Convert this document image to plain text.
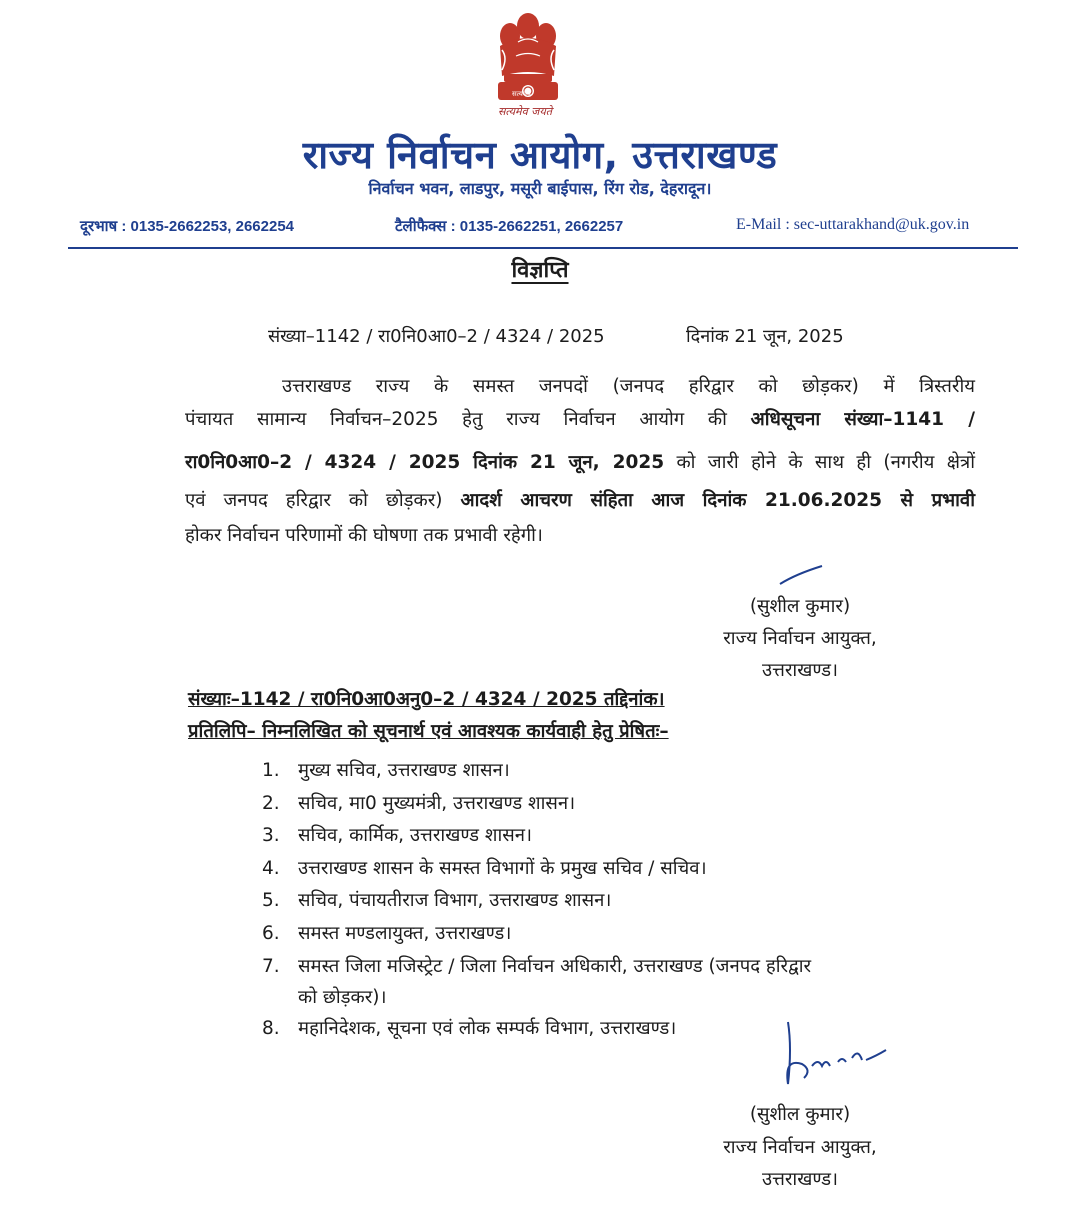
सत्यमेव
सत्यमेव जयते
राज्य निर्वाचन आयोग, उत्तराखण्ड
निर्वाचन भवन, लाडपुर, मसूरी बाईपास, रिंग रोड, देहरादून।
दूरभाष : 0135-2662253, 2662254	टैलीफैक्स : 0135-2662251, 2662257	E-Mail : sec-uttarakhand@uk.gov.in
विज्ञप्ति
संख्या–1142 / रा0नि0आ0–2 / 4324 / 2025	दिनांक 21 जून, 2025
उत्तराखण्ड राज्य के समस्त जनपदों (जनपद हरिद्वार को छोड़कर) में त्रिस्तरीय
पंचायत सामान्य निर्वाचन–2025 हेतु राज्य निर्वाचन आयोग की अधिसूचना संख्या–1141 /
रा0नि0आ0–2 / 4324 / 2025 दिनांक 21 जून, 2025 को जारी होने के साथ ही (नगरीय क्षेत्रों
एवं जनपद हरिद्वार को छोड़कर) आदर्श आचरण संहिता आज दिनांक 21.06.2025 से प्रभावी
होकर निर्वाचन परिणामों की घोषणा तक प्रभावी रहेगी।
(सुशील कुमार)
राज्य निर्वाचन आयुक्त,
उत्तराखण्ड।
संख्याः–1142 / रा0नि0आ0अनु0–2 / 4324 / 2025 तद्दिनांक।
प्रतिलिपि– निम्नलिखित को सूचनार्थ एवं आवश्यक कार्यवाही हेतु प्रेषितः–
1. मुख्य सचिव, उत्तराखण्ड शासन।
2. सचिव, मा0 मुख्यमंत्री, उत्तराखण्ड शासन।
3. सचिव, कार्मिक, उत्तराखण्ड शासन।
4. उत्तराखण्ड शासन के समस्त विभागों के प्रमुख सचिव / सचिव।
5. सचिव, पंचायतीराज विभाग, उत्तराखण्ड शासन।
6. समस्त मण्डलायुक्त, उत्तराखण्ड।
7. समस्त जिला मजिस्ट्रेट / जिला निर्वाचन अधिकारी, उत्तराखण्ड (जनपद हरिद्वार
को छोड़कर)।
8. महानिदेशक, सूचना एवं लोक सम्पर्क विभाग, उत्तराखण्ड।
(सुशील कुमार)
राज्य निर्वाचन आयुक्त,
उत्तराखण्ड।
